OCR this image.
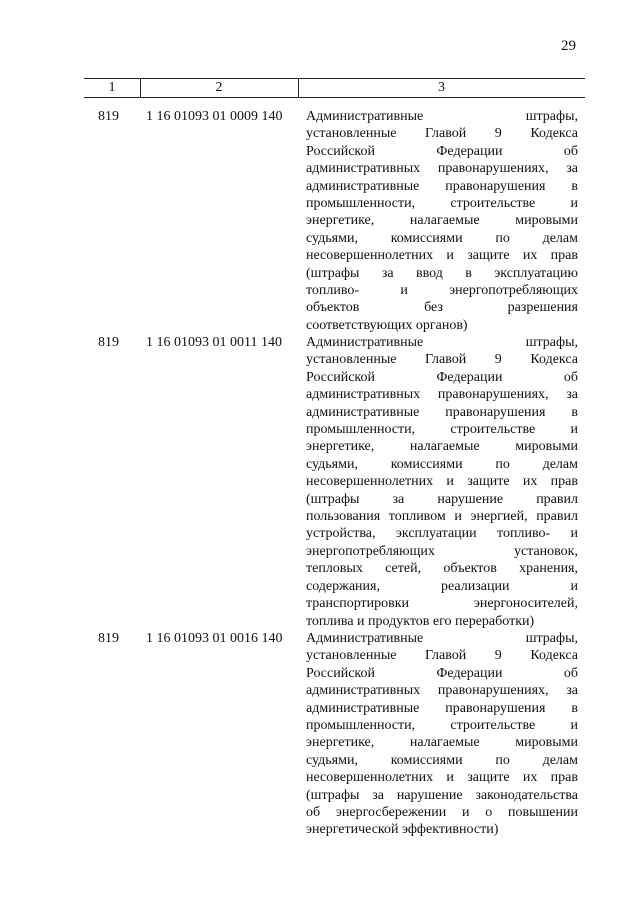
29
1	2	3
819 1 16 01093 01 0009 140 Административные штрафы,
установленные Главой 9 Кодекса
Российской Федерации об
административных правонарушениях, за
административные правонарушения в
промышленности, строительстве и
энергетике, налагаемые мировыми
судьями, комиссиями по делам
несовершеннолетних и защите их прав
(штрафы за ввод в эксплуатацию
топливо- и энергопотребляющих
объектов без разрешения
соответствующих органов)
819 1 16 01093 01 0011 140 Административные штрафы,
установленные Главой 9 Кодекса
Российской Федерации об
административных правонарушениях, за
административные правонарушения в
промышленности, строительстве и
энергетике, налагаемые мировыми
судьями, комиссиями по делам
несовершеннолетних и защите их прав
(штрафы за нарушение правил
пользования топливом и энергией, правил
устройства, эксплуатации топливо- и
энергопотребляющих установок,
тепловых сетей, объектов хранения,
содержания, реализации и
транспортировки энергоносителей,
топлива и продуктов его переработки)
819 1 16 01093 01 0016 140 Административные штрафы,
установленные Главой 9 Кодекса
Российской Федерации об
административных правонарушениях, за
административные правонарушения в
промышленности, строительстве и
энергетике, налагаемые мировыми
судьями, комиссиями по делам
несовершеннолетних и защите их прав
(штрафы за нарушение законодательства
об энергосбережении и о повышении
энергетической эффективности)
